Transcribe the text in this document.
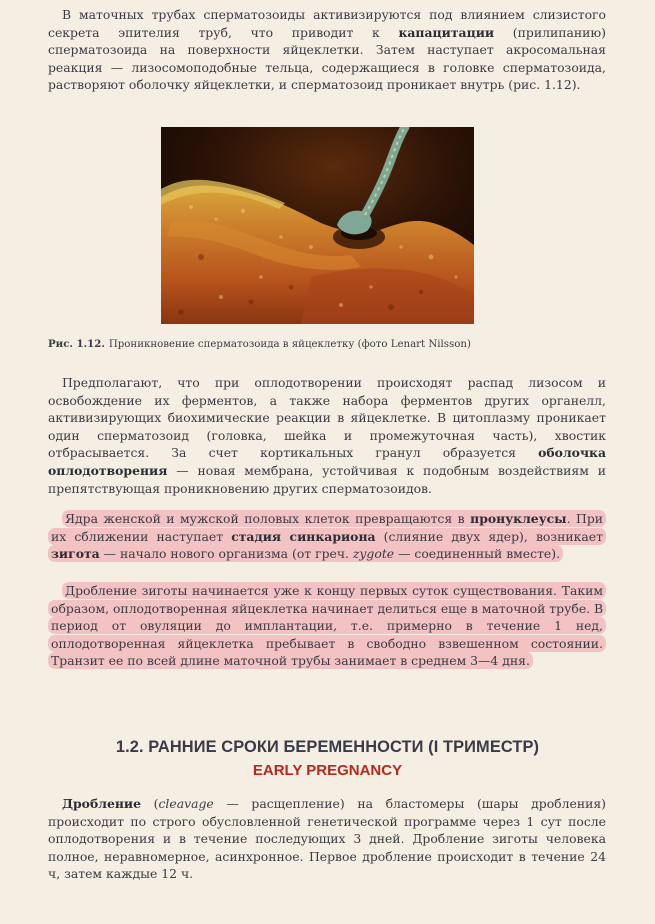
В маточных трубах сперматозоиды активизируются под влиянием слизистого секрета эпителия труб, что приводит к капацитации (прилипанию) сперматозоида на поверхности яйцеклетки. Затем наступает акросомальная реакция — лизосомоподобные тельца, содержащиеся в головке сперматозоида, растворяют оболочку яйцеклетки, и сперматозоид проникает внутрь (рис. 1.12).

Рис. 1.12. Проникновение сперматозоида в яйцеклетку (фото Lenart Nilsson)

Предполагают, что при оплодотворении происходят распад лизосом и освобождение их ферментов, а также набора ферментов других органелл, активизирующих биохимические реакции в яйцеклетке. В цитоплазму проникает один сперматозоид (головка, шейка и промежуточная часть), хвостик отбрасывается. За счет кортикальных гранул образуется оболочка оплодотворения — новая мембрана, устойчивая к подобным воздействиям и препятствующая проникновению других сперматозоидов.

Ядра женской и мужской половых клеток превращаются в пронуклеусы. При их сближении наступает стадия синкариона (слияние двух ядер), возникает зигота — начало нового организма (от греч. zygote — соединенный вместе).

Дробление зиготы начинается уже к концу первых суток существования. Таким образом, оплодотворенная яйцеклетка начинает делиться еще в маточной трубе. В период от овуляции до имплантации, т.е. примерно в течение 1 нед, оплодотворенная яйцеклетка пребывает в свободно взвешенном состоянии. Транзит ее по всей длине маточной трубы занимает в среднем 3—4 дня.

1.2. РАННИЕ СРОКИ БЕРЕМЕННОСТИ (I ТРИМЕСТР)
EARLY PREGNANCY

Дробление (cleavage — расщепление) на бластомеры (шары дробления) происходит по строго обусловленной генетической программе через 1 сут после оплодотворения и в течение последующих 3 дней. Дробление зиготы человека полное, неравномерное, асинхронное. Первое дробление происходит в течение 24 ч, затем каждые 12 ч.
